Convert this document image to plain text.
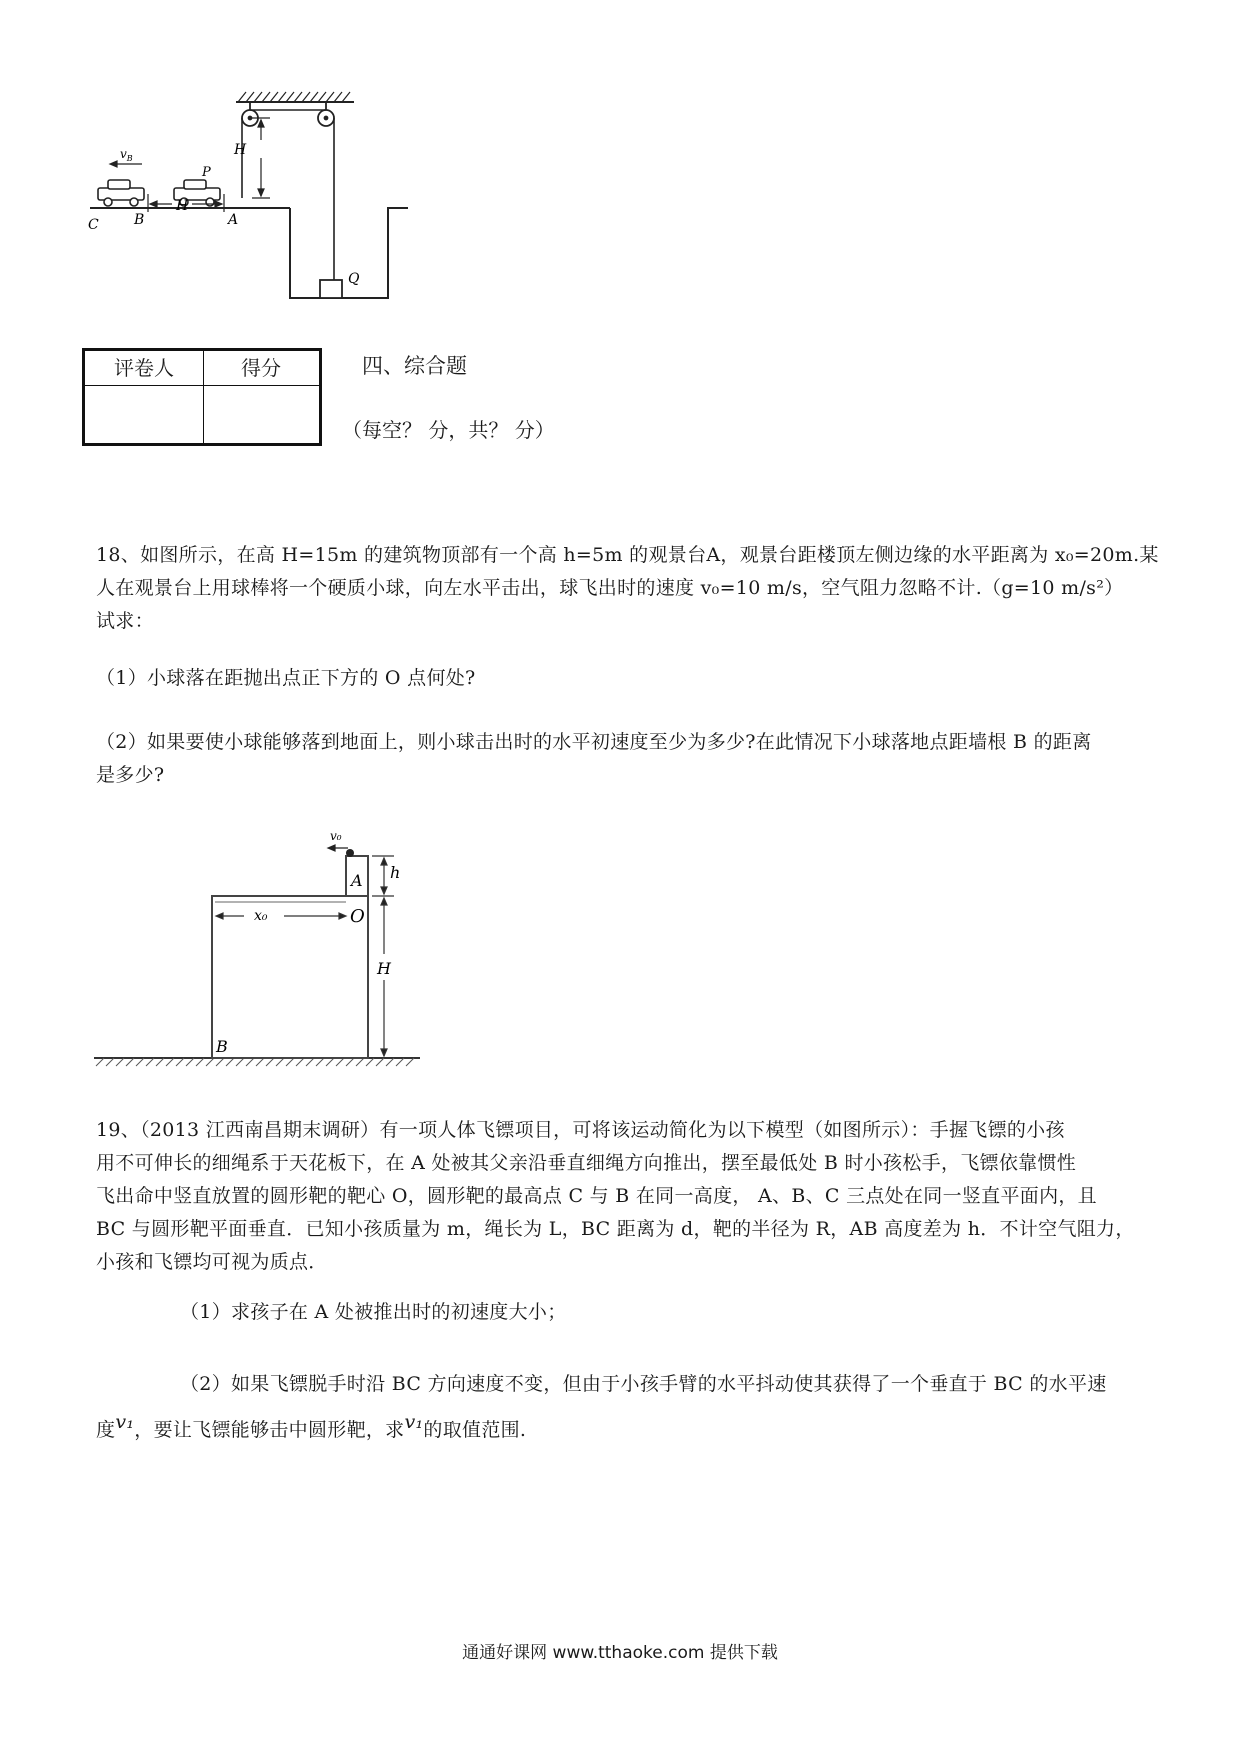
$v_B$
P
H
C	B
H
A
Q
评卷人	得分	四、综合题
（每空？ 分，共？ 分）
18、如图所示，在高 H=15m 的建筑物顶部有一个高 h=5m 的观景台A，观景台距楼顶左侧边缘的水平距离为 x₀=20m.某
人在观景台上用球棒将一个硬质小球，向左水平击出，球飞出时的速度 v₀=10 m/s，空气阻力忽略不计.（g=10 m/s²）
试求：
（1）小球落在距抛出点正下方的 O 点何处?
（2）如果要使小球能够落到地面上，则小球击出时的水平初速度至少为多少?在此情况下小球落地点距墙根 B 的距离
是多少?
v₀
A h
x₀	O
H
B
19、（2013 江西南昌期末调研）有一项人体飞镖项目，可将该运动简化为以下模型（如图所示）：手握飞镖的小孩
用不可伸长的细绳系于天花板下，在 A 处被其父亲沿垂直细绳方向推出，摆至最低处 B 时小孩松手，飞镖依靠惯性
飞出命中竖直放置的圆形靶的靶心 O，圆形靶的最高点 C 与 B 在同一高度， A、B、C 三点处在同一竖直平面内，且
BC 与圆形靶平面垂直．已知小孩质量为 m，绳长为 L，BC 距离为 d，靶的半径为 R，AB 高度差为 h．不计空气阻力，
小孩和飞镖均可视为质点．
（1）求孩子在 A 处被推出时的初速度大小；
（2）如果飞镖脱手时沿 BC 方向速度不变，但由于小孩手臂的水平抖动使其获得了一个垂直于 BC 的水平速
度v₁，要让飞镖能够击中圆形靶，求v₁的取值范围.
通通好课网 www.tthaoke.com 提供下载
